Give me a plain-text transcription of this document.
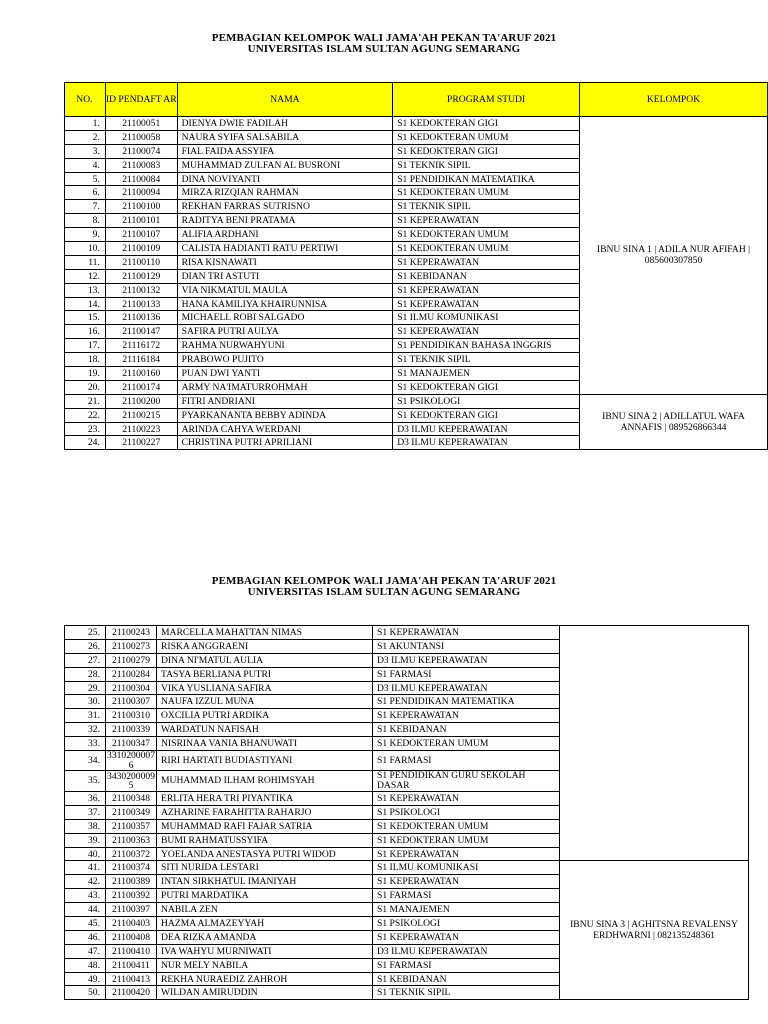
PEMBAGIAN KELOMPOK WALI JAMA'AH PEKAN TA'ARUF 2021
UNIVERSITAS ISLAM SULTAN AGUNG SEMARANG
NO.	ID PENDAFT AR	NAMA	PROGRAM STUDI	KELOMPOK
1.	21100051	DIENYA DWIE FADILAH	S1 KEDOKTERAN GIGI	IBNU SINA 1 | ADILA NUR AFIFAH | 085600307850
2.	21100058	NAURA SYIFA SALSABILA	S1 KEDOKTERAN UMUM	
3.	21100074	FIAL FAIDA ASSYIFA	S1 KEDOKTERAN GIGI	
4.	21100083	MUHAMMAD ZULFAN AL BUSRONI	S1 TEKNIK SIPIL	
5.	21100084	DINA NOVIYANTI	S1 PENDIDIKAN MATEMATIKA	
6.	21100094	MIRZA RIZQIAN RAHMAN	S1 KEDOKTERAN UMUM	
7.	21100100	REKHAN FARRAS SUTRISNO	S1 TEKNIK SIPIL	
8.	21100101	RADITYA BENI PRATAMA	S1 KEPERAWATAN	
9.	21100107	ALIFIA ARDHANI	S1 KEDOKTERAN UMUM	
10.	21100109	CALISTA HADIANTI RATU PERTIWI	S1 KEDOKTERAN UMUM	
11.	21100110	RISA KISNAWATI	S1 KEPERAWATAN	
12.	21100129	DIAN TRI ASTUTI	S1 KEBIDANAN	
13.	21100132	VIA NIKMATUL MAULA	S1 KEPERAWATAN	
14.	21100133	HANA KAMILIYA KHAIRUNNISA	S1 KEPERAWATAN	
15.	21100136	MICHAELL ROBI SALGADO	S1 ILMU KOMUNIKASI	
16.	21100147	SAFIRA PUTRI AULYA	S1 KEPERAWATAN	
17.	21116172	RAHMA NURWAHYUNI	S1 PENDIDIKAN BAHASA INGGRIS	
18.	21116184	PRABOWO PUJITO	S1 TEKNIK SIPIL	
19.	21100160	PUAN DWI YANTI	S1 MANAJEMEN	
20.	21100174	ARMY NA'IMATURROHMAH	S1 KEDOKTERAN GIGI	
21.	21100200	FITRI ANDRIANI	S1 PSIKOLOGI	IBNU SINA 2 | ADILLATUL WAFA ANNAFIS | 089526866344
22.	21100215	PYARKANANTA BEBBY ADINDA	S1 KEDOKTERAN GIGI	
23.	21100223	ARINDA CAHYA WERDANI	D3 ILMU KEPERAWATAN	
24.	21100227	CHRISTINA PUTRI APRILIANI	D3 ILMU KEPERAWATAN	
PEMBAGIAN KELOMPOK WALI JAMA'AH PEKAN TA'ARUF 2021
UNIVERSITAS ISLAM SULTAN AGUNG SEMARANG
25.	21100243	MARCELLA MAHATTAN NIMAS	S1 KEPERAWATAN	
26.	21100273	RISKA ANGGRAENI	S1 AKUNTANSI	
27.	21100279	DINA NI'MATUL AULIA	D3 ILMU KEPERAWATAN	
28.	21100284	TASYA BERLIANA PUTRI	S1 FARMASI	
29.	21100304	VIKA YUSLIANA SAFIRA	D3 ILMU KEPERAWATAN	
30.	21100307	NAUFA IZZUL MUNA	S1 PENDIDIKAN MATEMATIKA	
31.	21100310	OXCILIA PUTRI ARDIKA	S1 KEPERAWATAN	
32.	21100339	WARDATUN NAFISAH	S1 KEBIDANAN	
33.	21100347	NISRINAA VANIA BHANUWATI	S1 KEDOKTERAN UMUM	
34.	33102000076	RIRI HARTATI BUDIASTIYANI	S1 FARMASI	
35.	34302000095	MUHAMMAD ILHAM ROHIMSYAH	S1 PENDIDIKAN GURU SEKOLAH DASAR	
36.	21100348	ERLITA HERA TRI PIYANTIKA	S1 KEPERAWATAN	
37.	21100349	AZHARINE FARAHITTA RAHARJO	S1 PSIKOLOGI	
38.	21100357	MUHAMMAD RAFI FAJAR SATRIA	S1 KEDOKTERAN UMUM	
39.	21100363	BUMI RAHMATUSSYIFA	S1 KEDOKTERAN UMUM	
40.	21100372	YOELANDA ANESTASYA PUTRI WIDOD	S1 KEPERAWATAN	
41.	21100374	SITI NURIDA LESTARI	S1 ILMU KOMUNIKASI	IBNU SINA 3 | AGHITSNA REVALENSY ERDHWARNI | 082135248361
42.	21100389	INTAN SIRKHATUL IMANIYAH	S1 KEPERAWATAN	
43.	21100392	PUTRI MARDATIKA	S1 FARMASI	
44.	21100397	NABILA ZEN	S1 MANAJEMEN	
45.	21100403	HAZMA ALMAZEYYAH	S1 PSIKOLOGI	
46.	21100408	DEA RIZKA AMANDA	S1 KEPERAWATAN	
47.	21100410	IVA WAHYU MURNIWATI	D3 ILMU KEPERAWATAN	
48.	21100411	NUR MELY NABILA	S1 FARMASI	
49.	21100413	REKHA NURAEDIZ ZAHROH	S1 KEBIDANAN	
50.	21100420	WILDAN AMIRUDDIN	S1 TEKNIK SIPIL	
